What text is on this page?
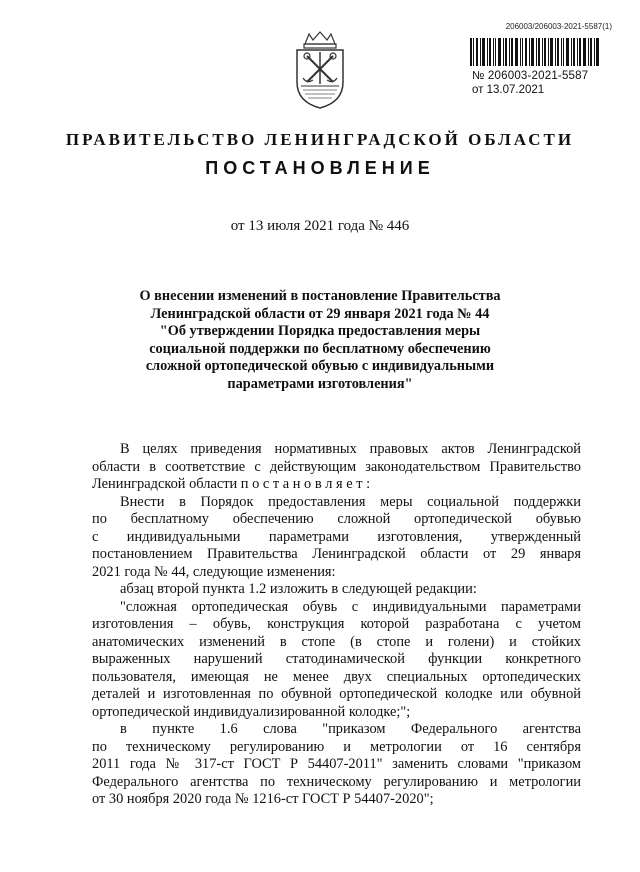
206003/206003-2021-5587(1)
№ 206003-2021-5587
от 13.07.2021
ПРАВИТЕЛЬСТВО ЛЕНИНГРАДСКОЙ ОБЛАСТИ
ПОСТАНОВЛЕНИЕ
от 13 июля 2021 года № 446
О внесении изменений в постановление Правительства
Ленинградской области от 29 января 2021 года № 44
"Об утверждении Порядка предоставления меры
социальной поддержки по бесплатному обеспечению
сложной ортопедической обувью с индивидуальными
параметрами изготовления"
В целях приведения нормативных правовых актов Ленинградской
области в соответствие с действующим законодательством Правительство
Ленинградской области п о с т а н о в л я е т :
Внести в Порядок предоставления меры социальной поддержки
по бесплатному обеспечению сложной ортопедической обувью
с индивидуальными параметрами изготовления, утвержденный
постановлением Правительства Ленинградской области от 29 января
2021 года № 44, следующие изменения:
абзац второй пункта 1.2 изложить в следующей редакции:
"сложная ортопедическая обувь с индивидуальными параметрами
изготовления – обувь, конструкция которой разработана с учетом
анатомических изменений в стопе (в стопе и голени) и стойких
выраженных нарушений статодинамической функции конкретного
пользователя, имеющая не менее двух специальных ортопедических
деталей и изготовленная по обувной ортопедической колодке или обувной
ортопедической индивидуализированной колодке;";
в пункте 1.6 слова "приказом Федерального агентства
по техническому регулированию и метрологии от 16 сентября
2011 года № 317-ст ГОСТ Р 54407-2011" заменить словами "приказом
Федерального агентства по техническому регулированию и метрологии
от 30 ноября 2020 года № 1216-ст ГОСТ Р 54407-2020";
